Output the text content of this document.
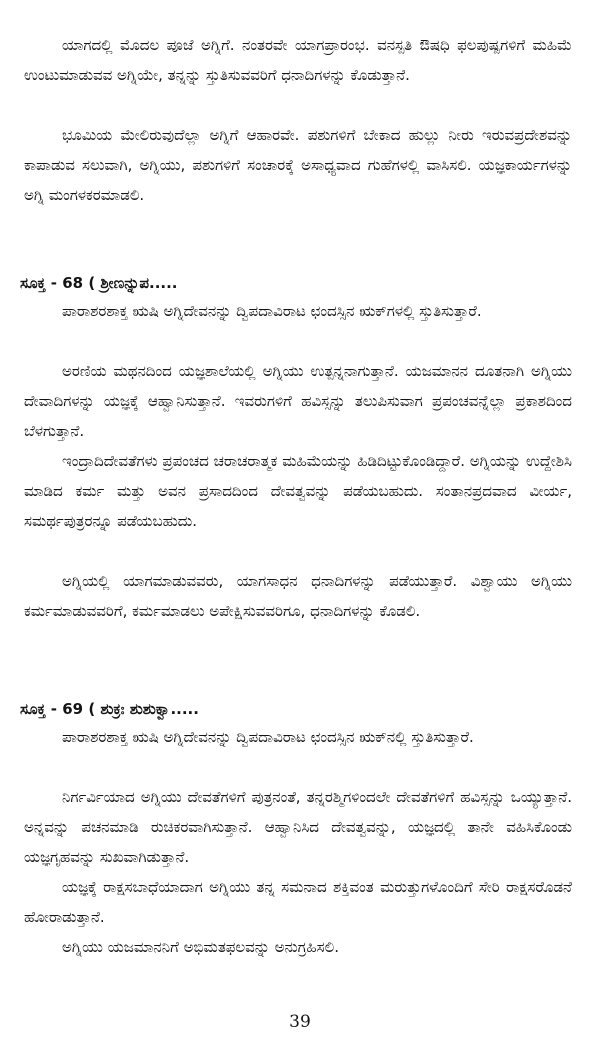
ಯಾಗದಲ್ಲಿ ಮೊದಲ ಪೂಜೆ ಅಗ್ನಿಗೆ. ನಂತರವೇ ಯಾಗಪ್ರಾರಂಭ. ವನಸ್ಪತಿ ಔಷಧಿ ಫಲಪುಷ್ಪಗಳಿಗೆ ಮಹಿಮೆ ಉಂಟುಮಾಡುವವ ಅಗ್ನಿಯೇ, ತನ್ನನ್ನು ಸ್ತುತಿಸುವವರಿಗೆ ಧನಾದಿಗಳನ್ನು ಕೊಡುತ್ತಾನೆ.

ಭೂಮಿಯ ಮೇಲಿರುವುದೆಲ್ಲಾ ಅಗ್ನಿಗೆ ಆಹಾರವೇ. ಪಶುಗಳಿಗೆ ಬೇಕಾದ ಹುಲ್ಲು ನೀರು ಇರುವಪ್ರದೇಶವನ್ನು ಕಾಪಾಡುವ ಸಲುವಾಗಿ, ಅಗ್ನಿಯು, ಪಶುಗಳಿಗೆ ಸಂಚಾರಕ್ಕೆ ಅಸಾಧ್ಯವಾದ ಗುಹೆಗಳಲ್ಲಿ ವಾಸಿಸಲಿ. ಯಜ್ಞಕಾರ್ಯಗಳನ್ನು ಅಗ್ನಿ ಮಂಗಳಕರಮಾಡಲಿ.

ಸೂಕ್ತ - 68 ( ಶ್ರೀಣನ್ನುಪ.....

ಪಾರಾಶರಶಾಕ್ತ ಋಷಿ ಅಗ್ನಿದೇವನನ್ನು ದ್ವಿಪದಾವಿರಾಟ ಛಂದಸ್ಸಿನ ಋಕ್‌ಗಳಲ್ಲಿ ಸ್ತುತಿಸುತ್ತಾರೆ.

ಅರಣಿಯ ಮಥನದಿಂದ ಯಜ್ಞಶಾಲೆಯಲ್ಲಿ ಅಗ್ನಿಯು ಉತ್ಪನ್ನನಾಗುತ್ತಾನೆ. ಯಜಮಾನನ ದೂತನಾಗಿ ಅಗ್ನಿಯು ದೇವಾದಿಗಳನ್ನು ಯಜ್ಞಕ್ಕೆ ಆಹ್ವಾನಿಸುತ್ತಾನೆ. ಇವರುಗಳಿಗೆ ಹವಿಸ್ಸನ್ನು ತಲುಪಿಸುವಾಗ ಪ್ರಪಂಚವನ್ನೆಲ್ಲಾ ಪ್ರಕಾಶದಿಂದ ಬೆಳಗುತ್ತಾನೆ.

ಇಂದ್ರಾದಿದೇವತೆಗಳು ಪ್ರಪಂಚದ ಚರಾಚರಾತ್ಮಕ ಮಹಿಮೆಯನ್ನು ಹಿಡಿದಿಟ್ಟುಕೊಂಡಿದ್ದಾರೆ. ಅಗ್ನಿಯನ್ನು ಉದ್ದೇಶಿಸಿ ಮಾಡಿದ ಕರ್ಮ ಮತ್ತು ಅವನ ಪ್ರಸಾದದಿಂದ ದೇವತ್ವವನ್ನು ಪಡೆಯಬಹುದು. ಸಂತಾನಪ್ರದವಾದ ವೀರ್ಯ, ಸಮರ್ಥಪುತ್ರರನ್ನೂ ಪಡೆಯಬಹುದು.

ಅಗ್ನಿಯಲ್ಲಿ ಯಾಗಮಾಡುವವರು, ಯಾಗಸಾಧನ ಧನಾದಿಗಳನ್ನು ಪಡೆಯುತ್ತಾರೆ. ವಿಶ್ವಾಯು ಅಗ್ನಿಯು ಕರ್ಮಮಾಡುವವರಿಗೆ, ಕರ್ಮಮಾಡಲು ಅಪೇಕ್ಷಿಸುವವರಿಗೂ, ಧನಾದಿಗಳನ್ನು ಕೊಡಲಿ.

ಸೂಕ್ತ - 69 ( ಶುಕ್ರಃ ಶುಶುಕ್ವಾ.....

ಪಾರಾಶರಶಾಕ್ತ ಋಷಿ ಅಗ್ನಿದೇವನನ್ನು ದ್ವಿಪದಾವಿರಾಟ ಛಂದಸ್ಸಿನ ಋಕ್‌ನಲ್ಲಿ ಸ್ತುತಿಸುತ್ತಾರೆ.

ನಿರ್ಗರ್ವಿಯಾದ ಅಗ್ನಿಯು ದೇವತೆಗಳಿಗೆ ಪುತ್ರನಂತೆ, ತನ್ನರಶ್ಮಿಗಳಿಂದಲೇ ದೇವತೆಗಳಿಗೆ ಹವಿಸ್ಸನ್ನು ಒಯ್ಯುತ್ತಾನೆ. ಅನ್ನವನ್ನು ಪಚನಮಾಡಿ ರುಚಿಕರವಾಗಿಸುತ್ತಾನೆ. ಆಹ್ವಾನಿಸಿದ ದೇವತ್ವವನ್ನು, ಯಜ್ಞದಲ್ಲಿ ತಾನೇ ವಹಿಸಿಕೊಂಡು ಯಜ್ಞಗೃಹವನ್ನು ಸುಖವಾಗಿಡುತ್ತಾನೆ.

ಯಜ್ಞಕ್ಕೆ ರಾಕ್ಷಸಬಾಧೆಯಾದಾಗ ಅಗ್ನಿಯು ತನ್ನ ಸಮನಾದ ಶಕ್ತಿವಂತ ಮರುತ್ತುಗಳೊಂದಿಗೆ ಸೇರಿ ರಾಕ್ಷಸರೊಡನೆ ಹೋರಾಡುತ್ತಾನೆ.

ಅಗ್ನಿಯು ಯಜಮಾನನಿಗೆ ಅಭಿಮತಫಲವನ್ನು ಅನುಗ್ರಹಿಸಲಿ.

39
